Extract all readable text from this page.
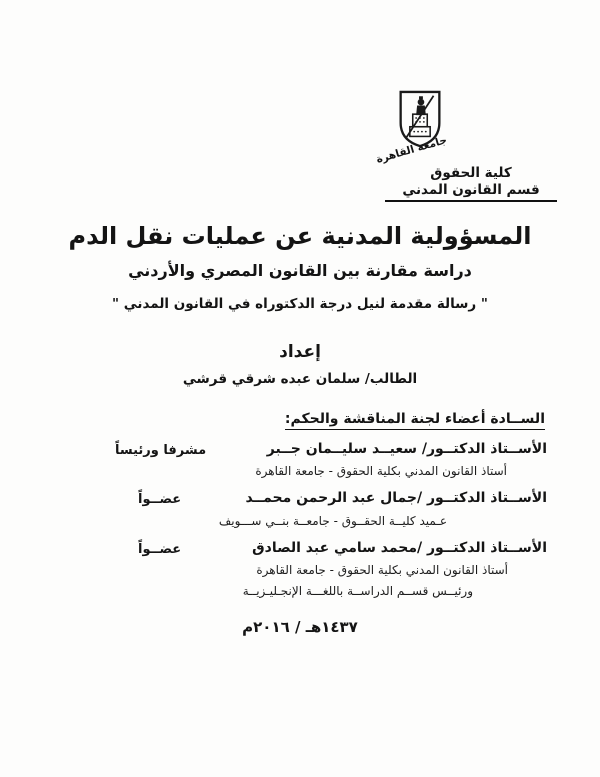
جامعة القاهرة
كلية الحقوق
قسم القانون المدني
المسؤولية المدنية عن عمليات نقل الدم
دراسة مقارنة بين القانون المصري والأردني
" رسالة مقدمة لنيل درجة الدكتوراه في القانون المدني "
إعداد
الطالب/ سلمان عبده شرقي قرشي
الســادة أعضاء لجنة المناقشة والحكم:
الأســتاذ الدكتــور/ سعيــد سليــمان جــبر
مشرفا ورئيساً
أستاذ القانون المدني بكلية الحقوق - جامعة القاهرة
الأســتاذ الدكتــور /جمال عبد الرحمن محمــد
عضــواً
عـميد كليــة الحقــوق - جامعــة بنــي ســـويف
الأســتاذ الدكتــور /محمد سامي عبد الصادق
عضــواً
أستاذ القانون المدني بكلية الحقوق - جامعة القاهرة
ورئيــس قســم الدراســة باللغـــة الإنجـليـزيــة
١٤٣٧هـ / ٢٠١٦م
